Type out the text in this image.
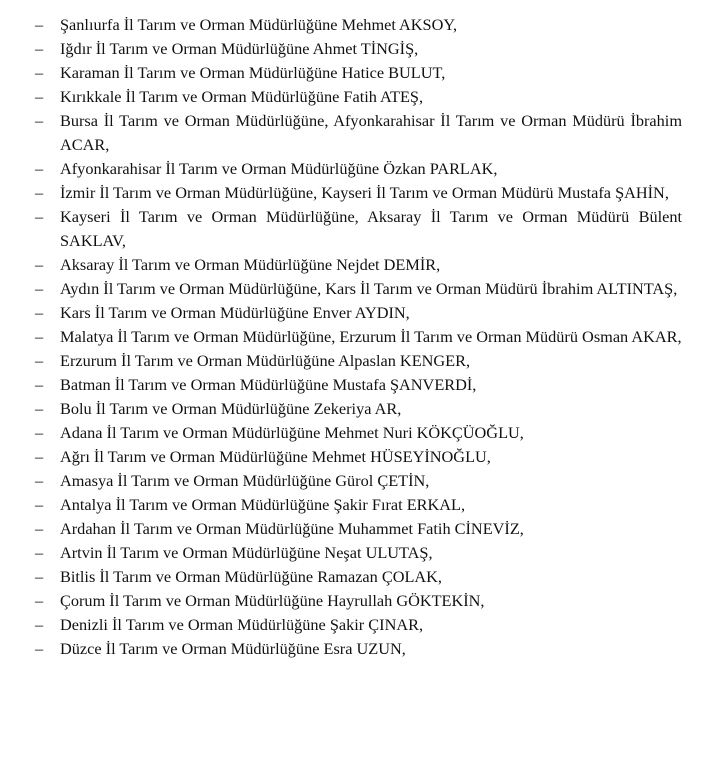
–	Şanlıurfa İl Tarım ve Orman Müdürlüğüne Mehmet AKSOY,
–	Iğdır İl Tarım ve Orman Müdürlüğüne Ahmet TİNGİŞ,
–	Karaman İl Tarım ve Orman Müdürlüğüne Hatice BULUT,
–	Kırıkkale İl Tarım ve Orman Müdürlüğüne Fatih ATEŞ,
–	Bursa İl Tarım ve Orman Müdürlüğüne, Afyonkarahisar İl Tarım ve Orman Müdürü İbrahim ACAR,
–	Afyonkarahisar İl Tarım ve Orman Müdürlüğüne Özkan PARLAK,
–	İzmir İl Tarım ve Orman Müdürlüğüne, Kayseri İl Tarım ve Orman Müdürü Mustafa ŞAHİN,
–	Kayseri İl Tarım ve Orman Müdürlüğüne, Aksaray İl Tarım ve Orman Müdürü Bülent SAKLAV,
–	Aksaray İl Tarım ve Orman Müdürlüğüne Nejdet DEMİR,
–	Aydın İl Tarım ve Orman Müdürlüğüne, Kars İl Tarım ve Orman Müdürü İbrahim ALTINTAŞ,
–	Kars İl Tarım ve Orman Müdürlüğüne Enver AYDIN,
–	Malatya İl Tarım ve Orman Müdürlüğüne, Erzurum İl Tarım ve Orman Müdürü Osman AKAR,
–	Erzurum İl Tarım ve Orman Müdürlüğüne Alpaslan KENGER,
–	Batman İl Tarım ve Orman Müdürlüğüne Mustafa ŞANVERDİ,
–	Bolu İl Tarım ve Orman Müdürlüğüne Zekeriya AR,
–	Adana İl Tarım ve Orman Müdürlüğüne Mehmet Nuri KÖKÇÜOĞLU,
–	Ağrı İl Tarım ve Orman Müdürlüğüne Mehmet HÜSEYİNOĞLU,
–	Amasya İl Tarım ve Orman Müdürlüğüne Gürol ÇETİN,
–	Antalya İl Tarım ve Orman Müdürlüğüne Şakir Fırat ERKAL,
–	Ardahan İl Tarım ve Orman Müdürlüğüne Muhammet Fatih CİNEVİZ,
–	Artvin İl Tarım ve Orman Müdürlüğüne Neşat ULUTAŞ,
–	Bitlis İl Tarım ve Orman Müdürlüğüne Ramazan ÇOLAK,
–	Çorum İl Tarım ve Orman Müdürlüğüne Hayrullah GÖKTEKİN,
–	Denizli İl Tarım ve Orman Müdürlüğüne Şakir ÇINAR,
–	Düzce İl Tarım ve Orman Müdürlüğüne Esra UZUN,
